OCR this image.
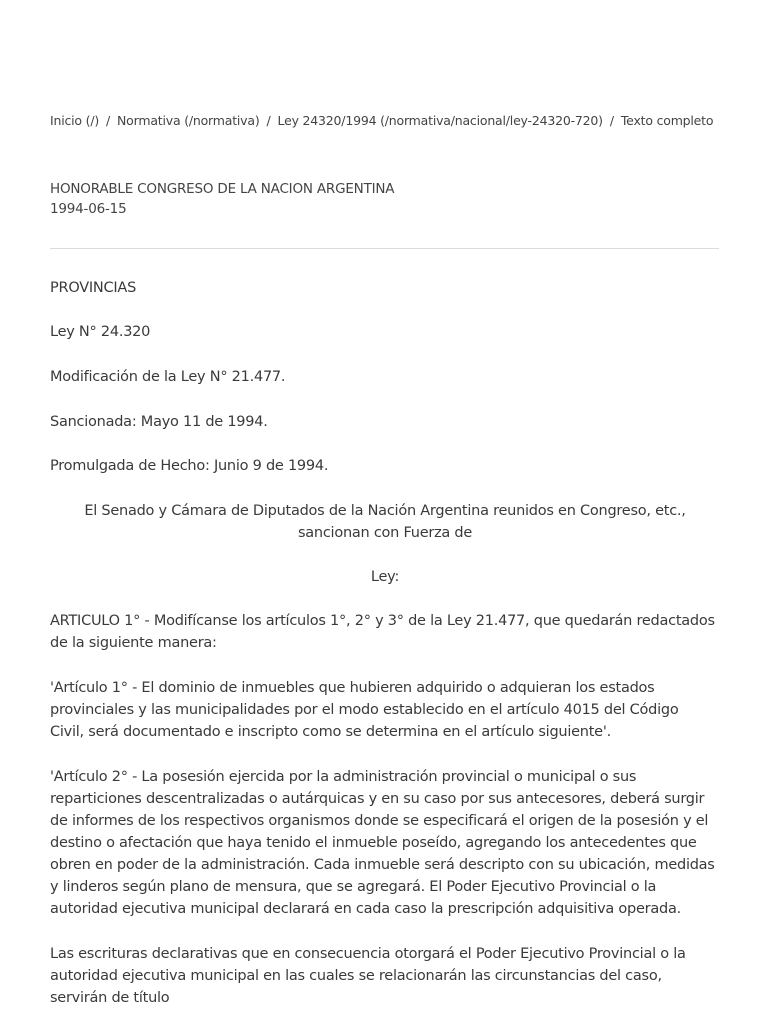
Inicio (/) / Normativa (/normativa) / Ley 24320/1994 (/normativa/nacional/ley-24320-720) / Texto completo
HONORABLE CONGRESO DE LA NACION ARGENTINA
1994-06-15
PROVINCIAS
Ley N° 24.320
Modificación de la Ley N° 21.477.
Sancionada: Mayo 11 de 1994.
Promulgada de Hecho: Junio 9 de 1994.
El Senado y Cámara de Diputados de la Nación Argentina reunidos en Congreso, etc., sancionan con Fuerza de
Ley:
ARTICULO 1° - Modifícanse los artículos 1°, 2° y 3° de la Ley 21.477, que quedarán redactados de la siguiente manera:
'Artículo 1° - El dominio de inmuebles que hubieren adquirido o adquieran los estados provinciales y las municipalidades por el modo establecido en el artículo 4015 del Código Civil, será documentado e inscripto como se determina en el artículo siguiente'.
'Artículo 2° - La posesión ejercida por la administración provincial o municipal o sus reparticiones descentralizadas o autárquicas y en su caso por sus antecesores, deberá surgir de informes de los respectivos organismos donde se especificará el origen de la posesión y el destino o afectación que haya tenido el inmueble poseído, agregando los antecedentes que obren en poder de la administración. Cada inmueble será descripto con su ubicación, medidas y linderos según plano de mensura, que se agregará. El Poder Ejecutivo Provincial o la autoridad ejecutiva municipal declarará en cada caso la prescripción adquisitiva operada.
Las escrituras declarativas que en consecuencia otorgará el Poder Ejecutivo Provincial o la autoridad ejecutiva municipal en las cuales se relacionarán las circunstancias del caso, servirán de título
